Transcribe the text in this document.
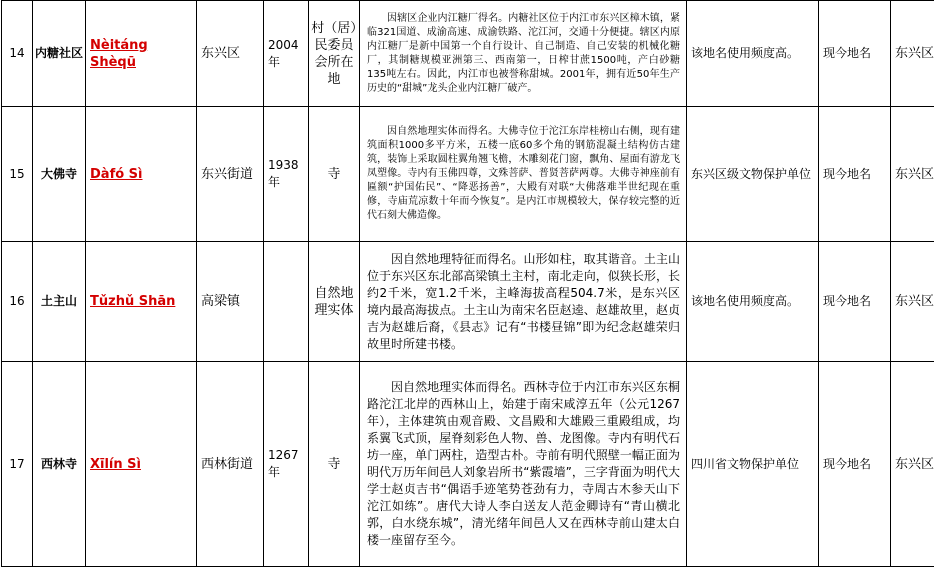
14	内糖社区	Nèitáng Shèqū	东兴区	2004年	村（居）民委员会所在地	因辖区企业内江糖厂得名。内糖社区位于内江市东兴区樟木镇，紧临321国道、成渝高速、成渝铁路、沱江河，交通十分便捷。辖区内原内江糖厂是新中国第一个自行设计、自己制造、自己安装的机械化糖厂，其制糖规模亚洲第三、西南第一，日榨甘蔗1500吨，产白砂糖135吨左右。因此，内江市也被誉称甜城。2001年，拥有近50年生产历史的“甜城”龙头企业内江糖厂破产。	该地名使用频度高。	现今地名	东兴区
15	大佛寺	Dàfó Sì	东兴街道	1938年	寺	因自然地理实体而得名。大佛寺位于沱江东岸桂榜山右侧，现有建筑面积1000多平方米，五楼一底60多个角的钢筋混凝土结构仿古建筑，装饰上采取圆柱翼角翘飞檐，木雕刻花门窗，飘角、屋面有游龙飞凤塑像。寺内有玉佛四尊，文殊菩萨、普贤菩萨两尊。大佛寺神座前有匾额“护国佑民”、“降恶扬善”，大殿有对联“大佛落难半世纪现在重修，寺庙荒凉数十年而今恢复”。是内江市规模较大，保存较完整的近代石刻大佛造像。	东兴区级文物保护单位	现今地名	东兴区
16	土主山	Tǔzhǔ Shān	高梁镇		自然地理实体	因自然地理特征而得名。山形如柱，取其谐音。土主山位于东兴区东北部高梁镇土主村，南北走向，似狭长形，长约2千米，宽1.2千米，主峰海拔高程504.7米，是东兴区境内最高海拔点。土主山为南宋名臣赵逵、赵雄故里，赵贞吉为赵雄后裔，《县志》记有“书楼昼锦”即为纪念赵雄荣归故里时所建书楼。	该地名使用频度高。	现今地名	东兴区
17	西林寺	Xīlín Sì	西林街道	1267年	寺	因自然地理实体而得名。西林寺位于内江市东兴区东桐路沱江北岸的西林山上，始建于南宋咸淳五年（公元1267年），主体建筑由观音殿、文昌殿和大雄殿三重殿组成，均系翼飞式顶，屋脊刻彩色人物、兽、龙图像。寺内有明代石坊一座，单门两柱，造型古朴。寺前有明代照壁一幅正面为明代万历年间邑人刘象岩所书“紫霞墙”，三字背面为明代大学士赵贞吉书“偶语手迹笔势苍劲有力，寺周古木参天山下沱江如练”。唐代大诗人李白送友人范金卿诗有“青山横北郭，白水绕东城”，清光绪年间邑人又在西林寺前山建太白楼一座留存至今。	四川省文物保护单位	现今地名	东兴区
